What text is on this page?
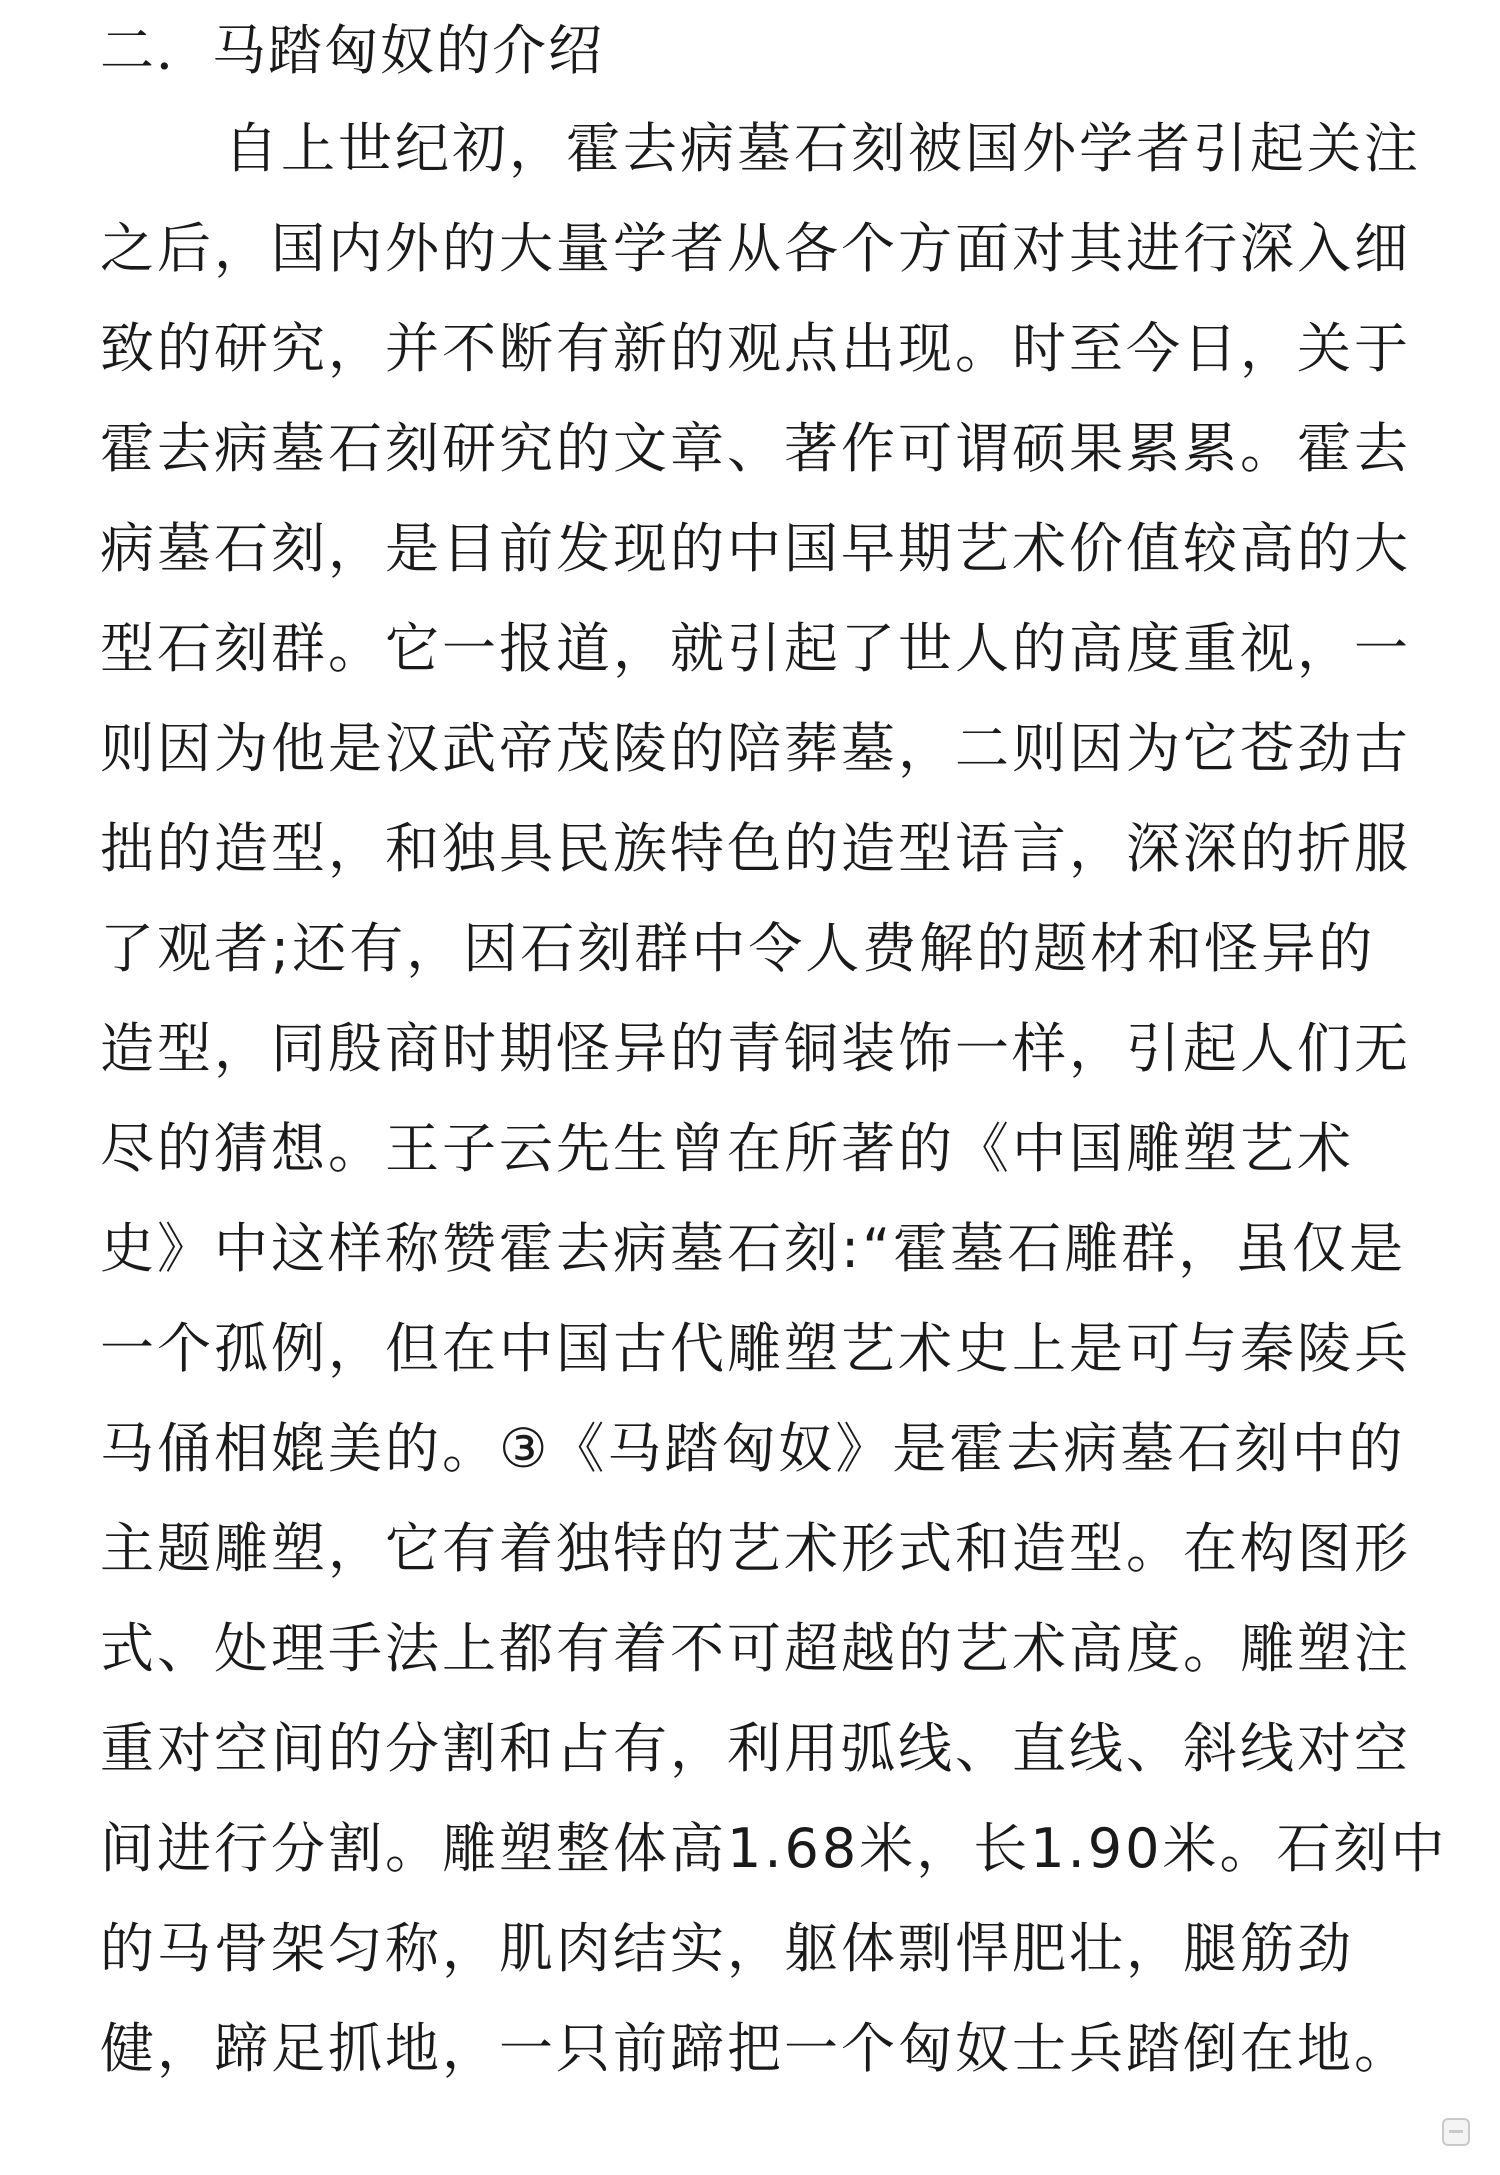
二．马踏匈奴的介绍
自上世纪初，霍去病墓石刻被国外学者引起关注
之后，国内外的大量学者从各个方面对其进行深入细
致的研究，并不断有新的观点出现。时至今日，关于
霍去病墓石刻研究的文章、著作可谓硕果累累。霍去
病墓石刻，是目前发现的中国早期艺术价值较高的大
型石刻群。它一报道，就引起了世人的高度重视，一
则因为他是汉武帝茂陵的陪葬墓，二则因为它苍劲古
拙的造型，和独具民族特色的造型语言，深深的折服
了观者;还有，因石刻群中令人费解的题材和怪异的
造型，同殷商时期怪异的青铜装饰一样，引起人们无
尽的猜想。王子云先生曾在所著的《中国雕塑艺术
史》中这样称赞霍去病墓石刻:“霍墓石雕群，虽仅是
一个孤例，但在中国古代雕塑艺术史上是可与秦陵兵
马俑相媲美的。③《马踏匈奴》是霍去病墓石刻中的
主题雕塑，它有着独特的艺术形式和造型。在构图形
式、处理手法上都有着不可超越的艺术高度。雕塑注
重对空间的分割和占有，利用弧线、直线、斜线对空
间进行分割。雕塑整体高1.68米，长1.90米。石刻中
的马骨架匀称，肌肉结实，躯体剽悍肥壮，腿筋劲
健，蹄足抓地，一只前蹄把一个匈奴士兵踏倒在地。
